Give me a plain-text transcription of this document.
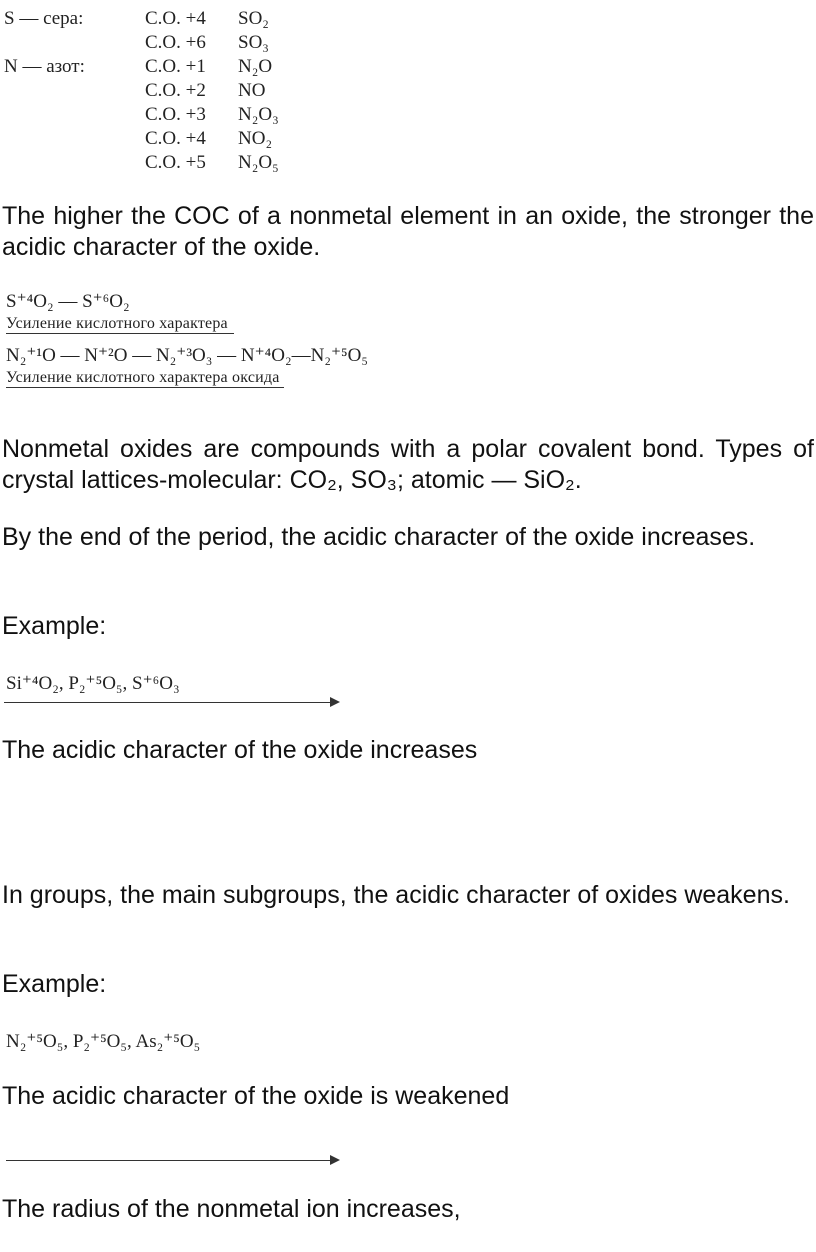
S — сера:	С.О. +4 SO₂
С.О. +6 SO₃
N — азот:	С.О. +1 N₂O
С.О. +2 NO
С.О. +3 N₂O₃
С.О. +4 NO₂
С.О. +5 N₂O₅

The higher the COC of a nonmetal element in an oxide, the stronger the acidic character of the oxide.

S⁺⁴O₂ — S⁺⁶O₂
Усиление кислотного характера
N₂⁺¹O — N⁺²O — N₂⁺³O₃ — N⁺⁴O₂—N₂⁺⁵O₅
Усиление кислотного характера оксида

Nonmetal oxides are compounds with a polar covalent bond. Types of crystal lattices-molecular: CO₂, SO₃; atomic — SiO₂.

By the end of the period, the acidic character of the oxide increases.

Example:

Si⁺⁴O₂, P₂⁺⁵O₅, S⁺⁶O₃

The acidic character of the oxide increases

In groups, the main subgroups, the acidic character of oxides weakens.

Example:

N₂⁺⁵O₅, P₂⁺⁵O₅, As₂⁺⁵O₅

The acidic character of the oxide is weakened

The radius of the nonmetal ion increases,
